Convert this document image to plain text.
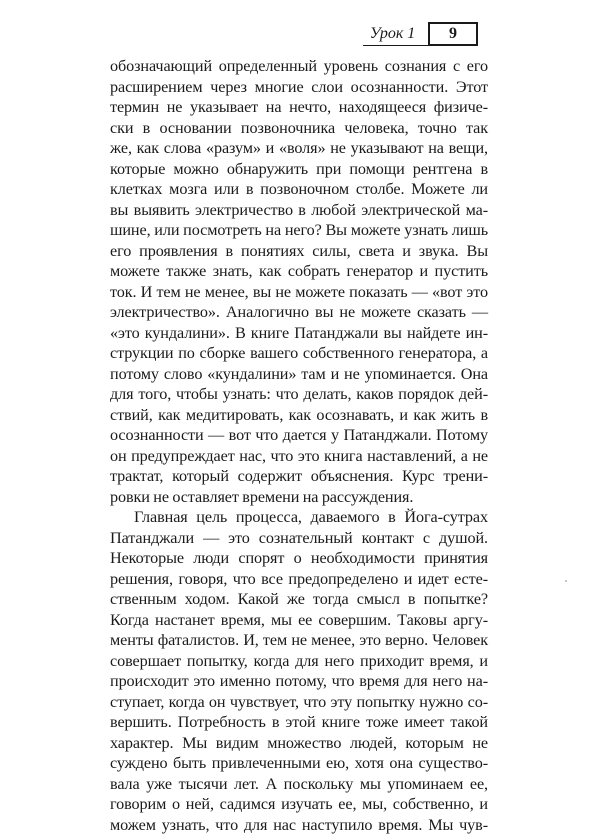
Урок 1	9
обозначающий определенный уровень сознания с его
расширением через многие слои осознанности. Этот
термин не указывает на нечто, находящееся физиче-
ски в основании позвоночника человека, точно так
же, как слова «разум» и «воля» не указывают на вещи,
которые можно обнаружить при помощи рентгена в
клетках мозга или в позвоночном столбе. Можете ли
вы выявить электричество в любой электрической ма-
шине, или посмотреть на него? Вы можете узнать лишь
его проявления в понятиях силы, света и звука. Вы
можете также знать, как собрать генератор и пустить
ток. И тем не менее, вы не можете показать — «вот это
электричество». Аналогично вы не можете сказать —
«это кундалини». В книге Патанджали вы найдете ин-
струкции по сборке вашего собственного генератора, а
потому слово «кундалини» там и не упоминается. Она
для того, чтобы узнать: что делать, каков порядок дей-
ствий, как медитировать, как осознавать, и как жить в
осознанности — вот что дается у Патанджали. Потому
он предупреждает нас, что это книга наставлений, а не
трактат, который содержит объяснения. Курс трени-
ровки не оставляет времени на рассуждения.
Главная цель процесса, даваемого в Йога-сутрах
Патанджали — это сознательный контакт с душой.
Некоторые люди спорят о необходимости принятия
решения, говоря, что все предопределено и идет есте-
ственным ходом. Какой же тогда смысл в попытке?
Когда настанет время, мы ее совершим. Таковы аргу-
менты фаталистов. И, тем не менее, это верно. Человек
совершает попытку, когда для него приходит время, и
происходит это именно потому, что время для него на-
ступает, когда он чувствует, что эту попытку нужно со-
вершить. Потребность в этой книге тоже имеет такой
характер. Мы видим множество людей, которым не
суждено быть привлеченными ею, хотя она существо-
вала уже тысячи лет. А поскольку мы упоминаем ее,
говорим о ней, садимся изучать ее, мы, собственно, и
можем узнать, что для нас наступило время. Мы чув-
